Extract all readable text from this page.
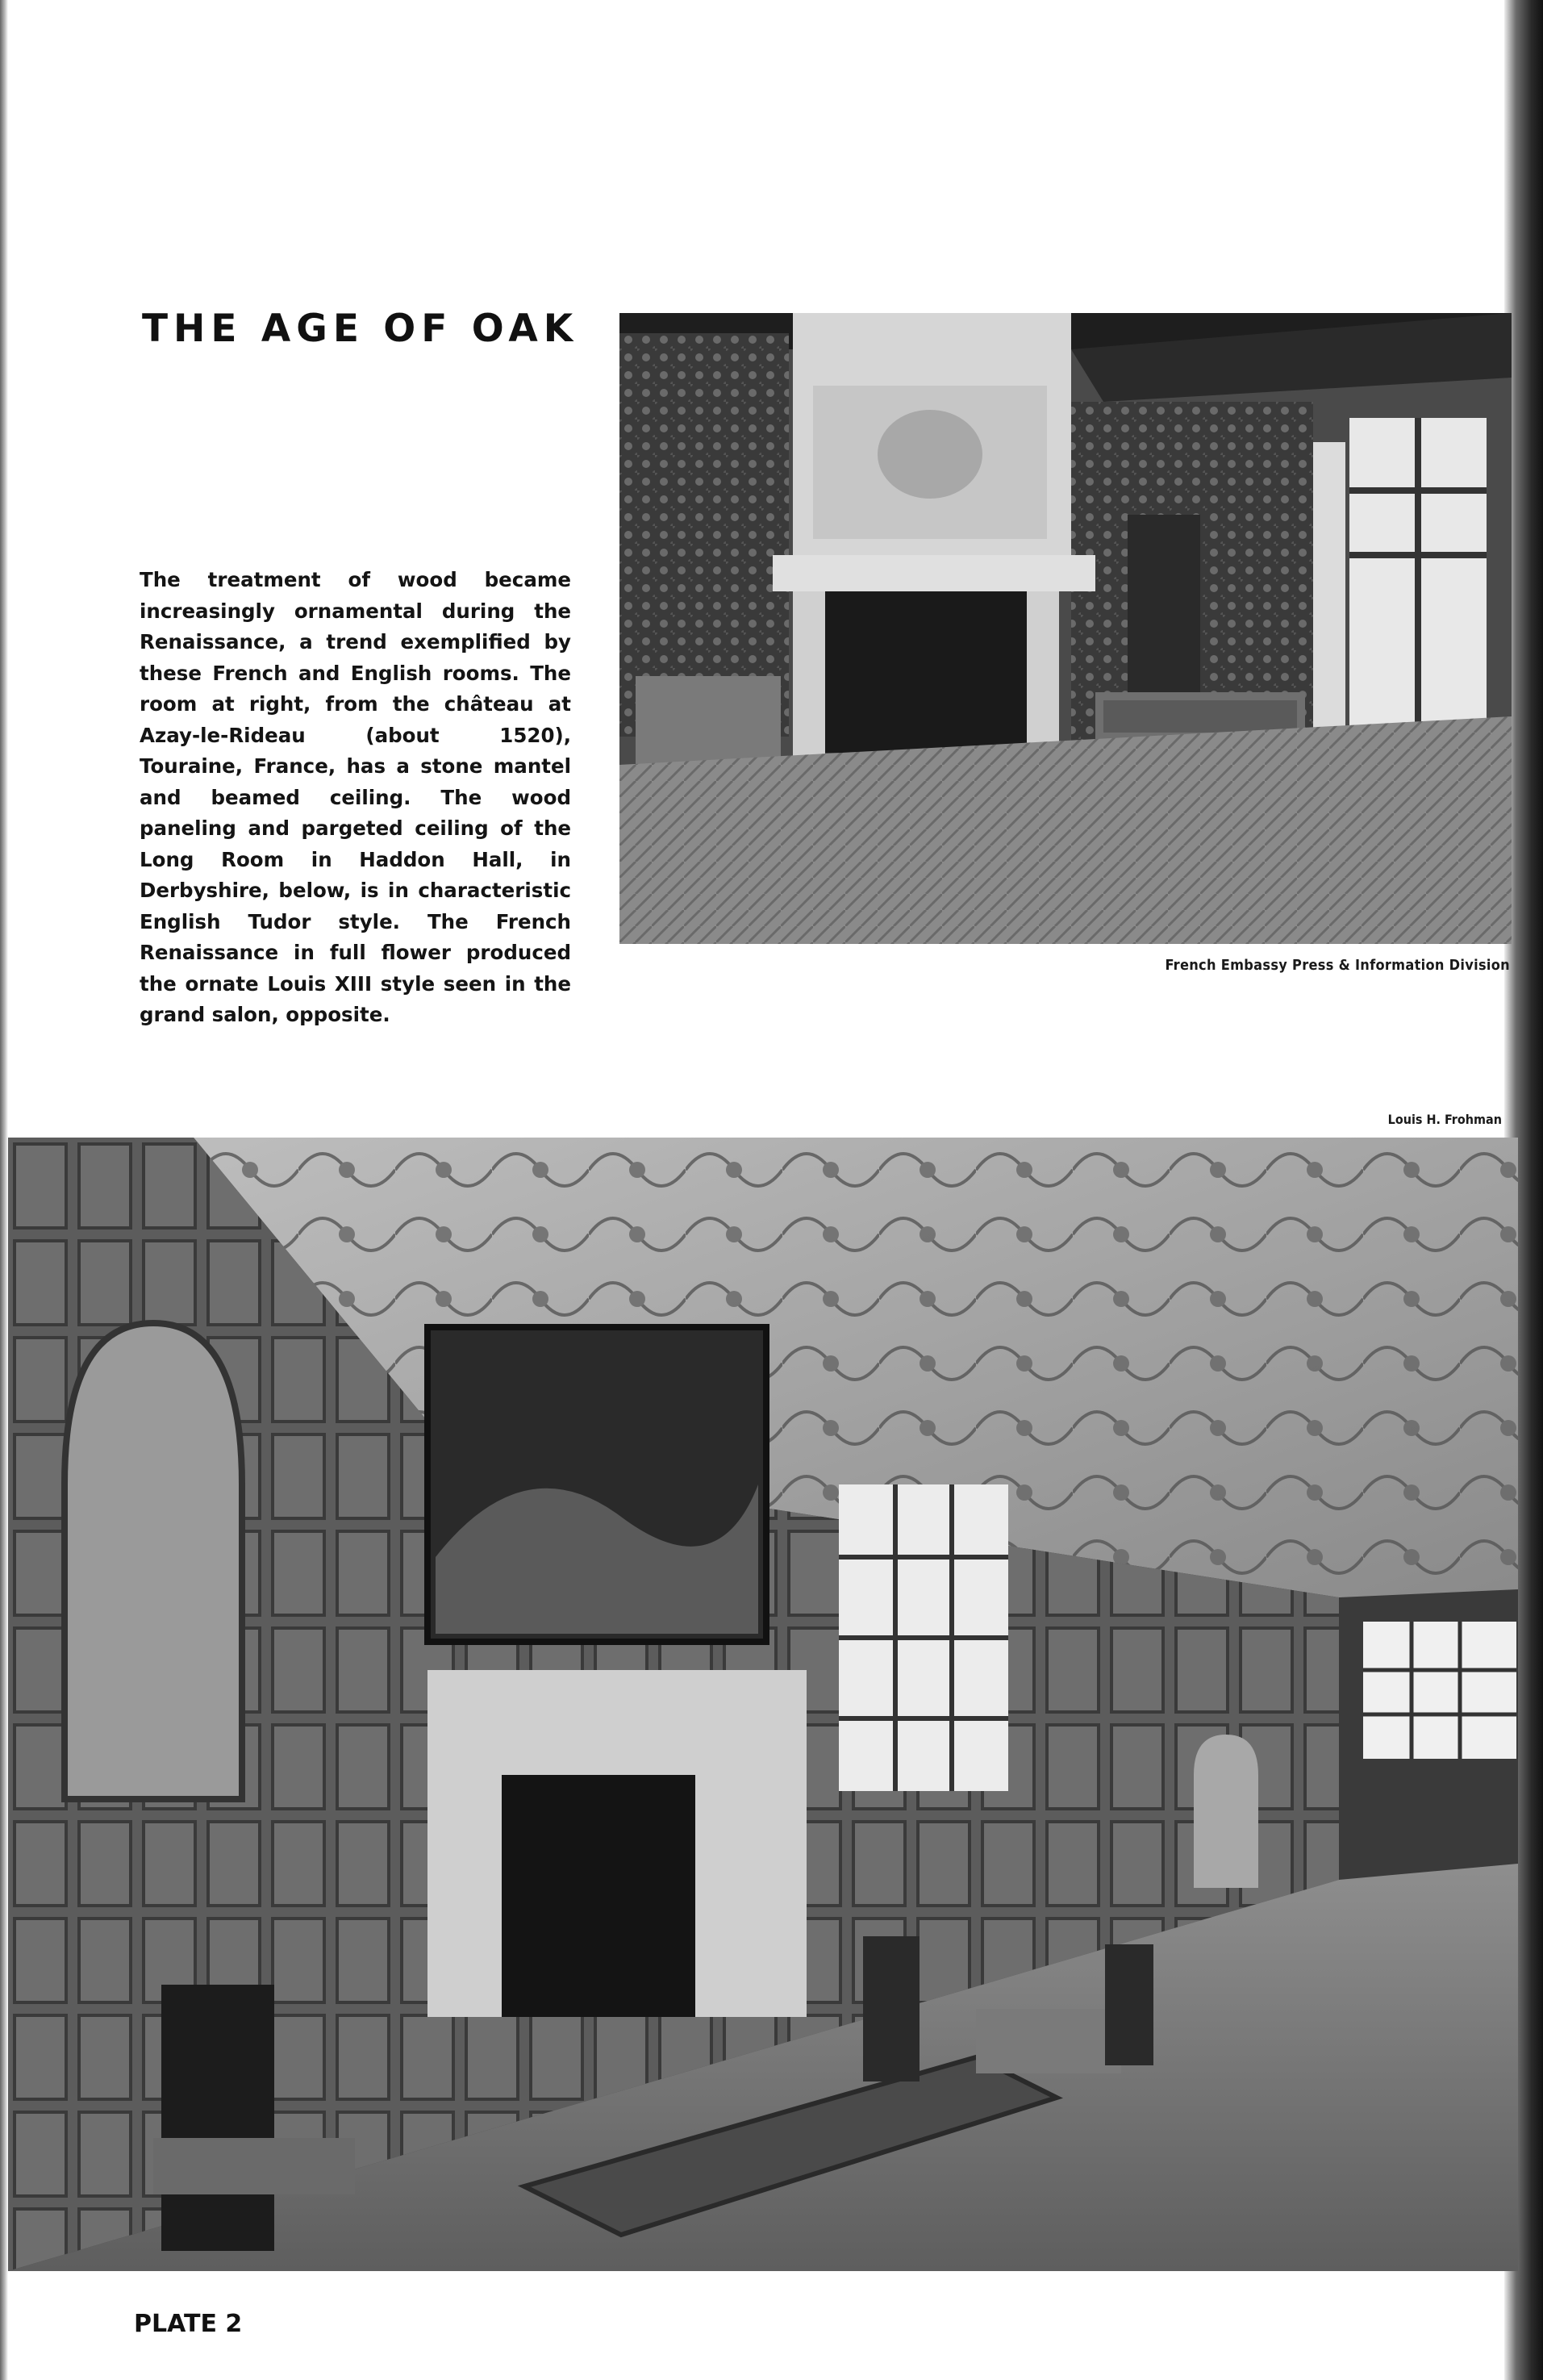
THE AGE OF OAK
The treatment of wood became increasingly ornamental during the Renaissance, a trend exemplified by these French and English rooms. The room at right, from the château at Azay-le-Rideau (about 1520), Touraine, France, has a stone mantel and beamed ceiling. The wood paneling and pargeted ceiling of the Long Room in Haddon Hall, in Derbyshire, below, is in characteristic English Tudor style. The French Renaissance in full flower produced the ornate Louis XIII style seen in the grand salon, opposite.
French Embassy Press & Information Division
Louis H. Frohman
PLATE 2
